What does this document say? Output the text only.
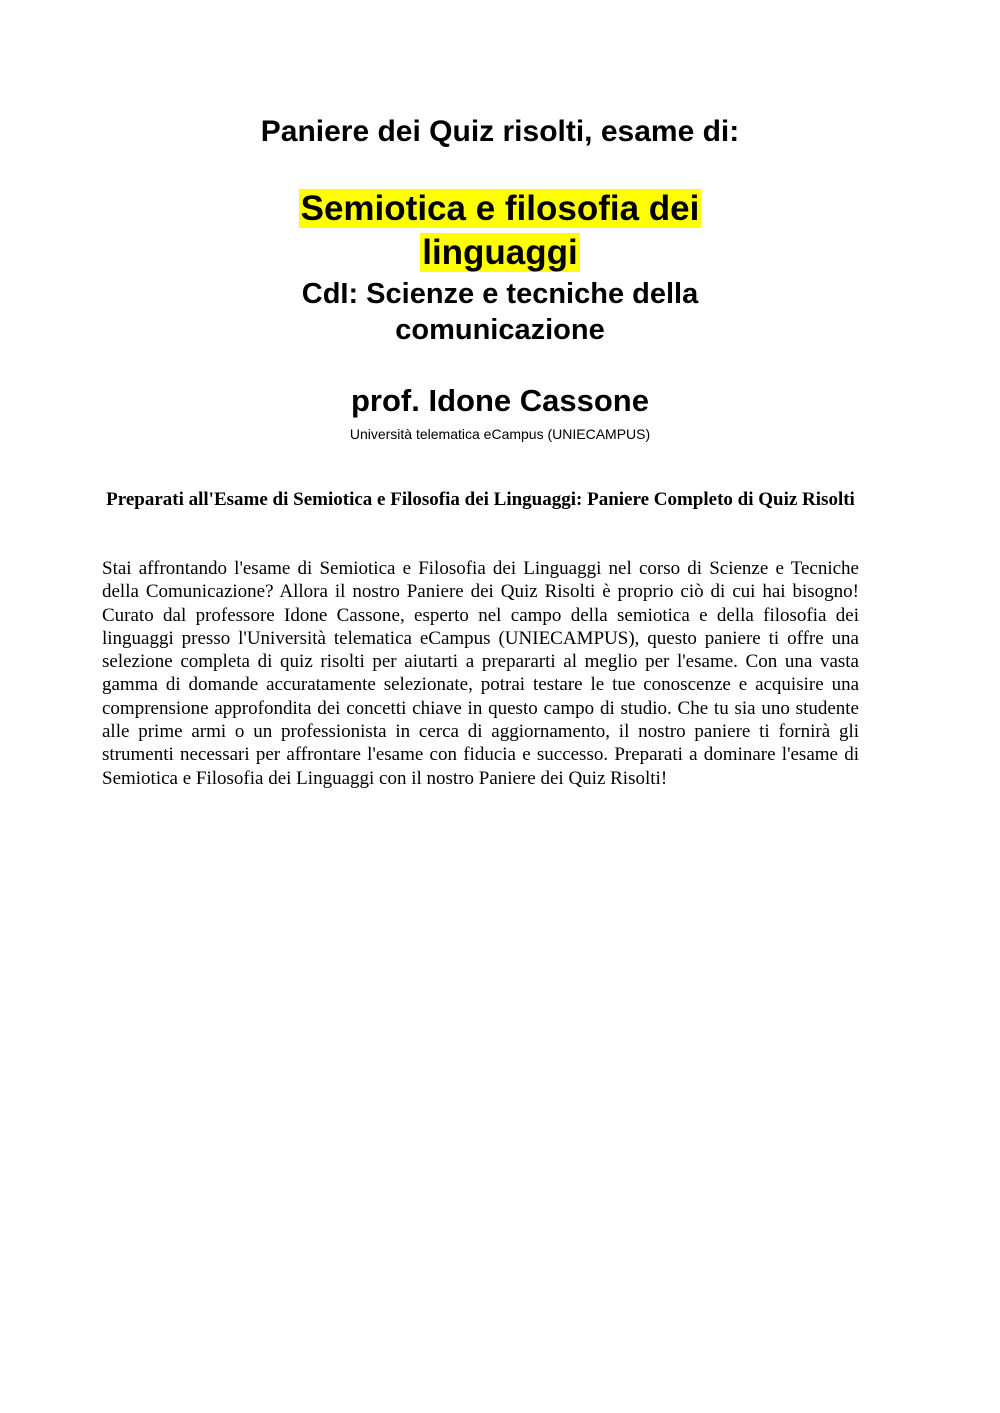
Paniere dei Quiz risolti, esame di:
Semiotica e filosofia dei
linguaggi
CdI: Scienze e tecniche della
comunicazione
prof. Idone Cassone
Università telematica eCampus (UNIECAMPUS)
Preparati all'Esame di Semiotica e Filosofia dei Linguaggi: Paniere Completo di Quiz Risolti

Stai affrontando l'esame di Semiotica e Filosofia dei Linguaggi nel corso di Scienze e Tecniche della Comunicazione? Allora il nostro Paniere dei Quiz Risolti è proprio ciò di cui hai bisogno! Curato dal professore Idone Cassone, esperto nel campo della semiotica e della filosofia dei linguaggi presso l'Università telematica eCampus (UNIECAMPUS), questo paniere ti offre una selezione completa di quiz risolti per aiutarti a prepararti al meglio per l'esame. Con una vasta gamma di domande accuratamente selezionate, potrai testare le tue conoscenze e acquisire una comprensione approfondita dei concetti chiave in questo campo di studio. Che tu sia uno studente alle prime armi o un professionista in cerca di aggiornamento, il nostro paniere ti fornirà gli strumenti necessari per affrontare l'esame con fiducia e successo. Preparati a dominare l'esame di Semiotica e Filosofia dei Linguaggi con il nostro Paniere dei Quiz Risolti!
